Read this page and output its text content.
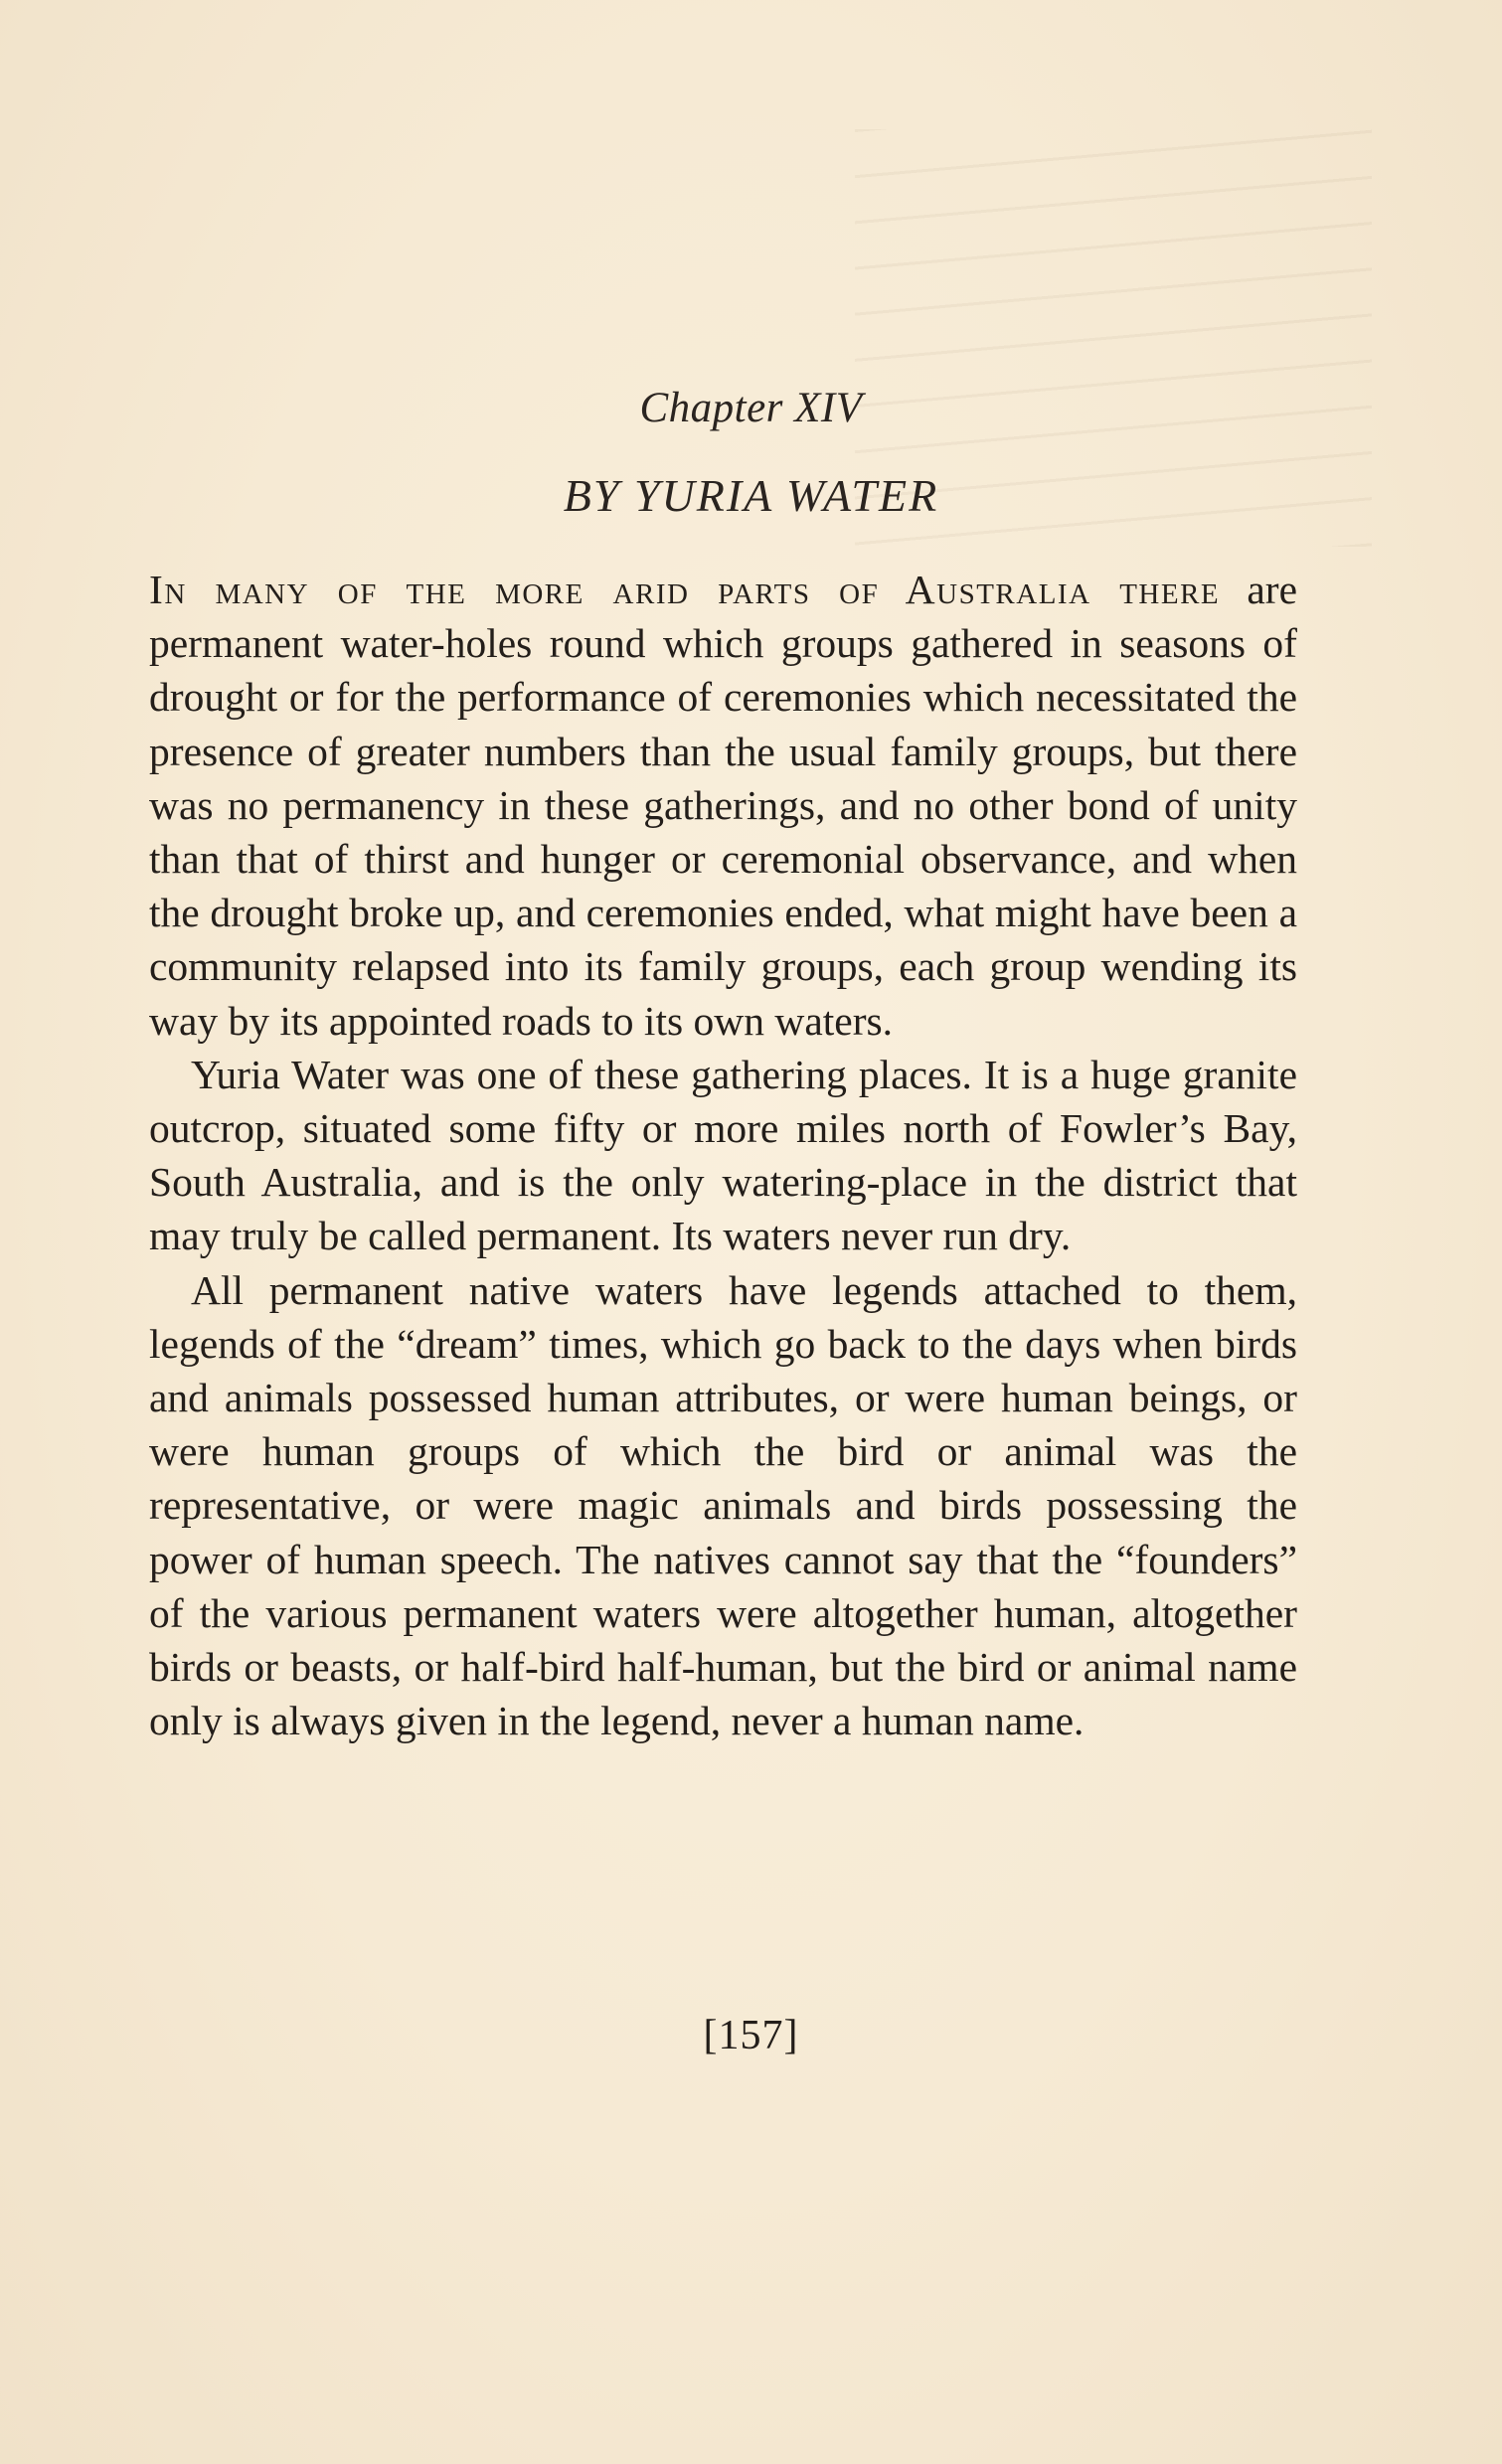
Chapter XIV
BY YURIA WATER

In many of the more arid parts of Australia there are permanent water-holes round which groups gathered in seasons of drought or for the performance of ceremonies which necessitated the presence of greater numbers than the usual family groups, but there was no permanency in these gatherings, and no other bond of unity than that of thirst and hunger or ceremonial observance, and when the drought broke up, and ceremonies ended, what might have been a community relapsed into its family groups, each group wending its way by its appointed roads to its own waters.

Yuria Water was one of these gathering places. It is a huge granite outcrop, situated some fifty or more miles north of Fowler’s Bay, South Australia, and is the only watering-place in the district that may truly be called permanent. Its waters never run dry.

All permanent native waters have legends attached to them, legends of the “dream” times, which go back to the days when birds and animals possessed human attributes, or were human beings, or were human groups of which the bird or animal was the representative, or were magic animals and birds possessing the power of human speech. The natives cannot say that the “founders” of the various permanent waters were altogether human, altogether birds or beasts, or half-bird half-human, but the bird or animal name only is always given in the legend, never a human name.

[157]
